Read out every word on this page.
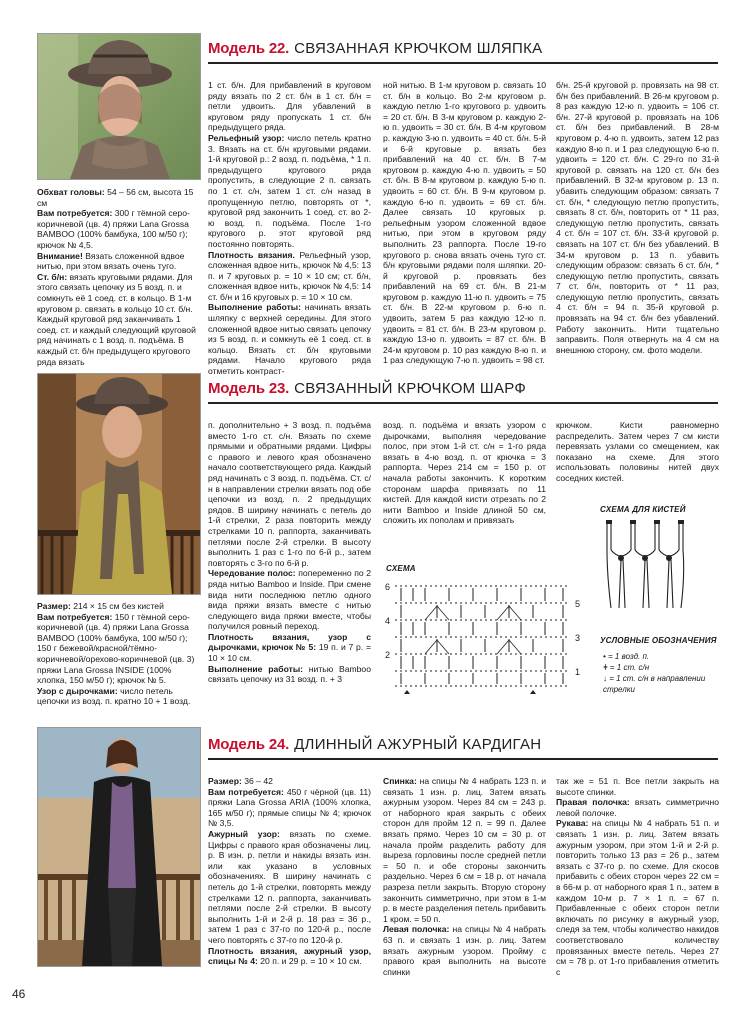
Модель 22. СВЯЗАННАЯ КРЮЧКОМ ШЛЯПКА

Обхват головы: 54 – 56 см, высота 15 см

Вам потребуется: 300 г тёмной серо-коричневой (цв. 4) пряжи Lana Grossa BAMBOO (100% бамбука, 100 м/50 г); крючок № 4,5.

Внимание! Вязать сложенной вдвое нитью, при этом вязать очень туго.

Ст. б/н: вязать круговыми рядами. Для этого связать цепочку из 5 возд. п. и сомкнуть её 1 соед. ст. в кольцо. В 1-м круговом р. связать в кольцо 10 ст. б/н. Каждый круговой ряд заканчивать 1 соед. ст. и каждый следующий круговой ряд начинать с 1 возд. п. подъёма. В каждый ст. б/н предыдущего кругового ряда вязать

1 ст. б/н. Для прибавлений в круговом ряду вязать по 2 ст. б/н в 1 ст. б/н = петли удвоить. Для убавлений в круговом ряду пропускать 1 ст. б/н предыдущего ряда.

Рельефный узор: число петель кратно 3. Вязать на ст. б/н круговыми рядами. 1-й круговой р.: 2 возд. п. подъёма, * 1 п. предыдущего кругового ряда пропустить, в следующие 2 п. связать по 1 ст. с/н, затем 1 ст. с/н назад в пропущенную петлю, повторять от *, круговой ряд закончить 1 соед. ст. во 2-ю возд. п. подъёма. После 1-го кругового р. этот круговой ряд постоянно повторять.

Плотность вязания. Рельефный узор, сложенная вдвое нить, крючок № 4,5: 13 п. и 7 круговых р. = 10 × 10 см; ст. б/н, сложенная вдвое нить, крючок № 4,5: 14 ст. б/н и 16 круговых р. = 10 × 10 см.

Выполнение работы: начинать вязать шляпку с верхней середины. Для этого сложенной вдвое нитью связать цепочку из 5 возд. п. и сомкнуть её 1 соед. ст. в кольцо. Вязать ст. б/н круговыми рядами. Начало кругового ряда отметить контраст-

ной нитью. В 1-м круговом р. связать 10 ст. б/н в кольцо. Во 2-м круговом р. каждую петлю 1-го кругового р. удвоить = 20 ст. б/н. В 3-м круговом р. каждую 2-ю п. удвоить = 30 ст. б/н. В 4-м круговом р. каждую 3-ю п. удвоить = 40 ст. б/н. 5-й и 6-й круговые р. вязать без прибавлений на 40 ст. б/н. В 7-м круговом р. каждую 4-ю п. удвоить = 50 ст. б/н. В 8-м круговом р. каждую 5-ю п. удвоить = 60 ст. б/н. В 9-м круговом р. каждую 6-ю п. удвоить = 69 ст. б/н. Далее связать 10 круговых р. рельефным узором сложенной вдвое нитью, при этом в круговом ряду выполнить 23 раппорта. После 19-го кругового р. снова вязать очень туго ст. б/н круговыми рядами поля шляпки. 20-й круговой р. провязать без прибавлений на 69 ст. б/н. В 21-м круговом р. каждую 11-ю п. удвоить = 75 ст. б/н. В 22-м круговом р. 6-ю п. удвоить, затем 5 раз каждую 12-ю п. удвоить = 81 ст. б/н. В 23-м круговом р. каждую 13-ю п. удвоить = 87 ст. б/н. В 24-м круговом р. 10 раз каждую 8-ю п. и 1 раз следующую 7-ю п. удвоить = 98 ст.

б/н. 25-й круговой р. провязать на 98 ст. б/н без прибавлений. В 26-м круговом р. 8 раз каждую 12-ю п. удвоить = 106 ст. б/н. 27-й круговой р. провязать на 106 ст. б/н без прибавлений. В 28-м круговом р. 4-ю п. удвоить, затем 12 раз каждую 8-ю п. и 1 раз следующую 6-ю п. удвоить = 120 ст. б/н. С 29-го по 31-й круговой р. связать на 120 ст. б/н без прибавлений. В 32-м круговом р. 13 п. убавить следующим образом: связать 7 ст. б/н, * следующую петлю пропустить, связать 8 ст. б/н, повторить от * 11 раз, следующую петлю пропустить, связать 4 ст. б/н = 107 ст. б/н. 33-й круговой р. связать на 107 ст. б/н без убавлений. В 34-м круговом р. 13 п. убавить следующим образом: связать 6 ст. б/н, * следующую петлю пропустить, связать 7 ст. б/н, повторить от * 11 раз, следующую петлю пропустить, связать 4 ст. б/н = 94 п. 35-й круговой р. провязать на 94 ст. б/н без убавлений. Работу закончить. Нити тщательно заправить. Поля отвернуть на 4 см на внешнюю сторону, см. фото модели.

Модель 23. СВЯЗАННЫЙ КРЮЧКОМ ШАРФ

Размер: 214 × 15 см без кистей

Вам потребуется: 150 г тёмной серо-коричневой (цв. 4) пряжи Lana Grossa BAMBOO (100% бамбука, 100 м/50 г); 150 г бежевой/красной/тёмно-коричневой/орехово-коричневой (цв. 3) пряжи Lana Grossa INSIDE (100% хлопка, 150 м/50 г); крючок № 5.

Узор с дырочками: число петель цепочки из возд. п. кратно 10 + 1 возд.

п. дополнительно + 3 возд. п. подъёма вместо 1-го ст. с/н. Вязать по схеме прямыми и обратными рядами. Цифры с правого и левого края обозначено начало соответствующего ряда. Каждый ряд начинать с 3 возд. п. подъёма. Ст. с/н в направлении стрелки вязать под обе цепочки из возд. п. 2 предыдущих рядов. В ширину начинать с петель до 1-й стрелки, 2 раза повторить между стрелками 10 п. раппорта, заканчивать петлями после 2-й стрелки. В высоту выполнить 1 раз с 1-го по 6-й р., затем повторять с 3-го по 6-й р.

Чередование полос: попеременно по 2 ряда нитью Bamboo и Inside. При смене вида нити последнюю петлю одного вида пряжи вязать вместе с нитью следующего вида пряжи вместе, чтобы получился ровный переход.

Плотность вязания, узор с дырочками, крючок № 5: 19 п. и 7 р. = 10 × 10 см.

Выполнение работы: нитью Bamboo связать цепочку из 31 возд. п. + 3

возд. п. подъёма и вязать узором с дырочками, выполняя чередование полос, при этом 1-й ст. с/н = 1-го ряда вязать в 4-ю возд. п. от крючка = 3 раппорта. Через 214 см = 150 р. от начала работы закончить. К коротким сторонам шарфа привязать по 11 кистей. Для каждой кисти отрезать по 2 нити Bamboo и Inside длиной 50 см, сложить их пополам и привязать

крючком. Кисти равномерно распределить. Затем через 7 см кисти перевязать узлами со смещением, как показано на схеме. Для этого использовать половины нитей двух соседних кистей.

СХЕМА ДЛЯ КИСТЕЙ
СХЕМА
6
4
2
5
3
1
УСЛОВНЫЕ ОБОЗНАЧЕНИЯ
• = 1 возд. п.
ǂ = 1 ст. с/н
↓ = 1 ст. с/н в направлении стрелки
Модель 24. ДЛИННЫЙ АЖУРНЫЙ КАРДИГАН

Размер: 36 – 42

Вам потребуется: 450 г чёрной (цв. 11) пряжи Lana Grossa ARIA (100% хлопка, 165 м/50 г); прямые спицы № 4; крючок № 3,5.

Ажурный узор: вязать по схеме. Цифры с правого края обозначены лиц. р. В изн. р. петли и накиды вязать изн. или как указано в условных обозначениях. В ширину начинать с петель до 1-й стрелки, повторять между стрелками 12 п. раппорта, заканчивать петлями после 2-й стрелки. В высоту выполнить 1-й и 2-й р. 18 раз = 36 р., затем 1 раз с 37-го по 120-й р., после чего повторять с 37-го по 120-й р.

Плотность вязания, ажурный узор, спицы № 4: 20 п. и 29 р. = 10 × 10 см.

Спинка: на спицы № 4 набрать 123 п. и связать 1 изн. р. лиц. Затем вязать ажурным узором. Через 84 см = 243 р. от наборного края закрыть с обеих сторон для пройм 12 п. = 99 п. Далее вязать прямо. Через 10 см = 30 р. от начала пройм разделить работу для выреза горловины после средней петли = 50 п. и обе стороны закончить раздельно. Через 6 см = 18 р. от начала разреза петли закрыть. Вторую сторону закончить симметрично, при этом в 1-м р. в месте разделения петель прибавить 1 кром. = 50 п.

Левая полочка: на спицы № 4 набрать 63 п. и связать 1 изн. р. лиц. Затем вязать ажурным узором. Пройму с правого края выполнить на высоте спинки

так же = 51 п. Все петли закрыть на высоте спинки.

Правая полочка: вязать симметрично левой полочке.

Рукава: на спицы № 4 набрать 51 п. и связать 1 изн. р. лиц. Затем вязать ажурным узором, при этом 1-й и 2-й р. повторить только 13 раз = 26 р., затем вязать с 37-го р. по схеме. Для скосов прибавить с обеих сторон через 22 см = в 66-м р. от наборного края 1 п., затем в каждом 10-м р. 7 × 1 п. = 67 п. Прибавленные с обеих сторон петли включать по рисунку в ажурный узор, следя за тем, чтобы количество накидов соответствовало количеству провязанных вместе петель. Через 27 см = 78 р. от 1-го прибавления отметить с

46
